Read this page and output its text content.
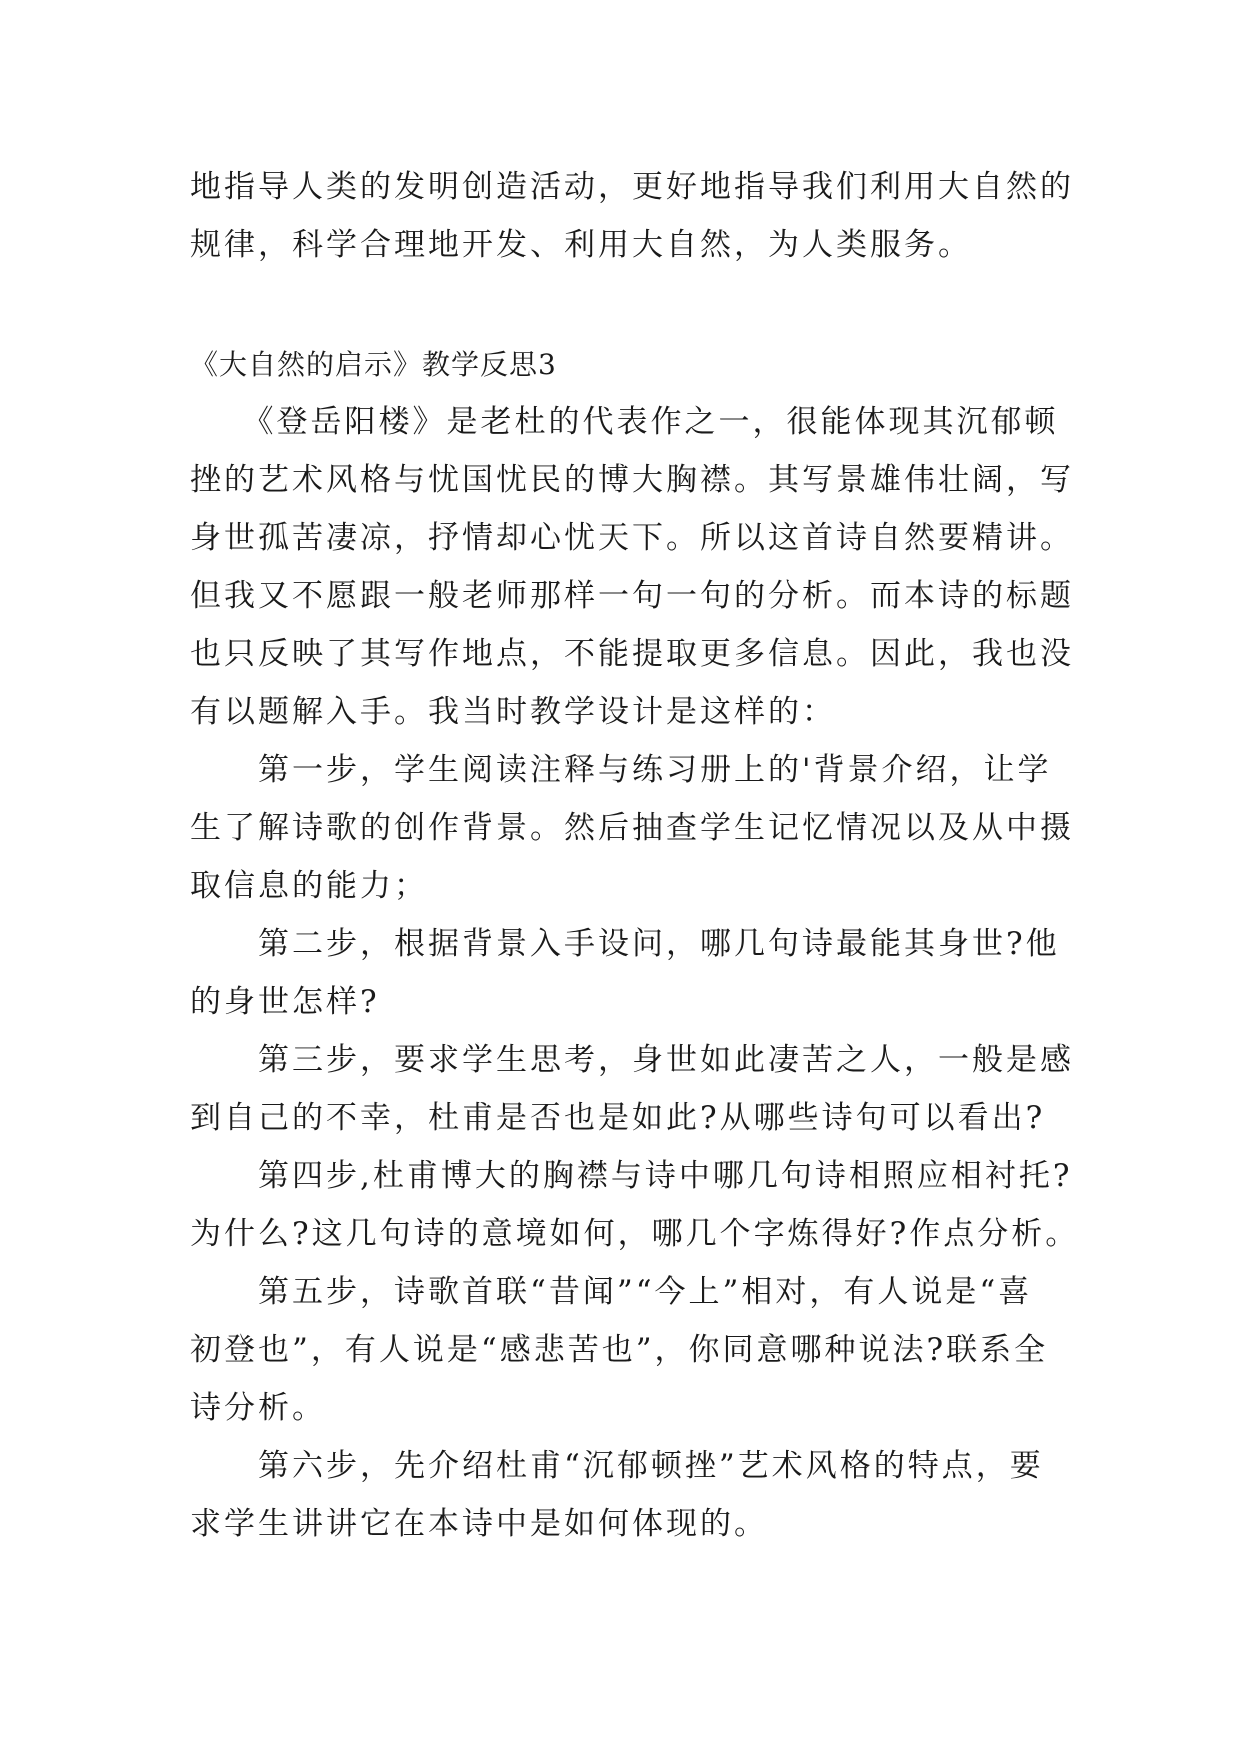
地指导人类的发明创造活动，更好地指导我们利用大自然的
规律，科学合理地开发、利用大自然，为人类服务。
《大自然的启示》教学反思3
　　《登岳阳楼》是老杜的代表作之一，很能体现其沉郁顿
挫的艺术风格与忧国忧民的博大胸襟。其写景雄伟壮阔，写
身世孤苦凄凉，抒情却心忧天下。所以这首诗自然要精讲。
但我又不愿跟一般老师那样一句一句的分析。而本诗的标题
也只反映了其写作地点，不能提取更多信息。因此，我也没
有以题解入手。我当时教学设计是这样的：
　　第一步，学生阅读注释与练习册上的'背景介绍，让学
生了解诗歌的创作背景。然后抽查学生记忆情况以及从中摄
取信息的能力；
　　第二步，根据背景入手设问，哪几句诗最能其身世?他
的身世怎样?
　　第三步，要求学生思考，身世如此凄苦之人，一般是感
到自己的不幸，杜甫是否也是如此?从哪些诗句可以看出?
　　第四步,杜甫博大的胸襟与诗中哪几句诗相照应相衬托?
为什么?这几句诗的意境如何，哪几个字炼得好?作点分析。
　　第五步，诗歌首联“昔闻”“今上”相对，有人说是“喜
初登也”，有人说是“感悲苦也”，你同意哪种说法?联系全
诗分析。
　　第六步，先介绍杜甫“沉郁顿挫”艺术风格的特点，要
求学生讲讲它在本诗中是如何体现的。
